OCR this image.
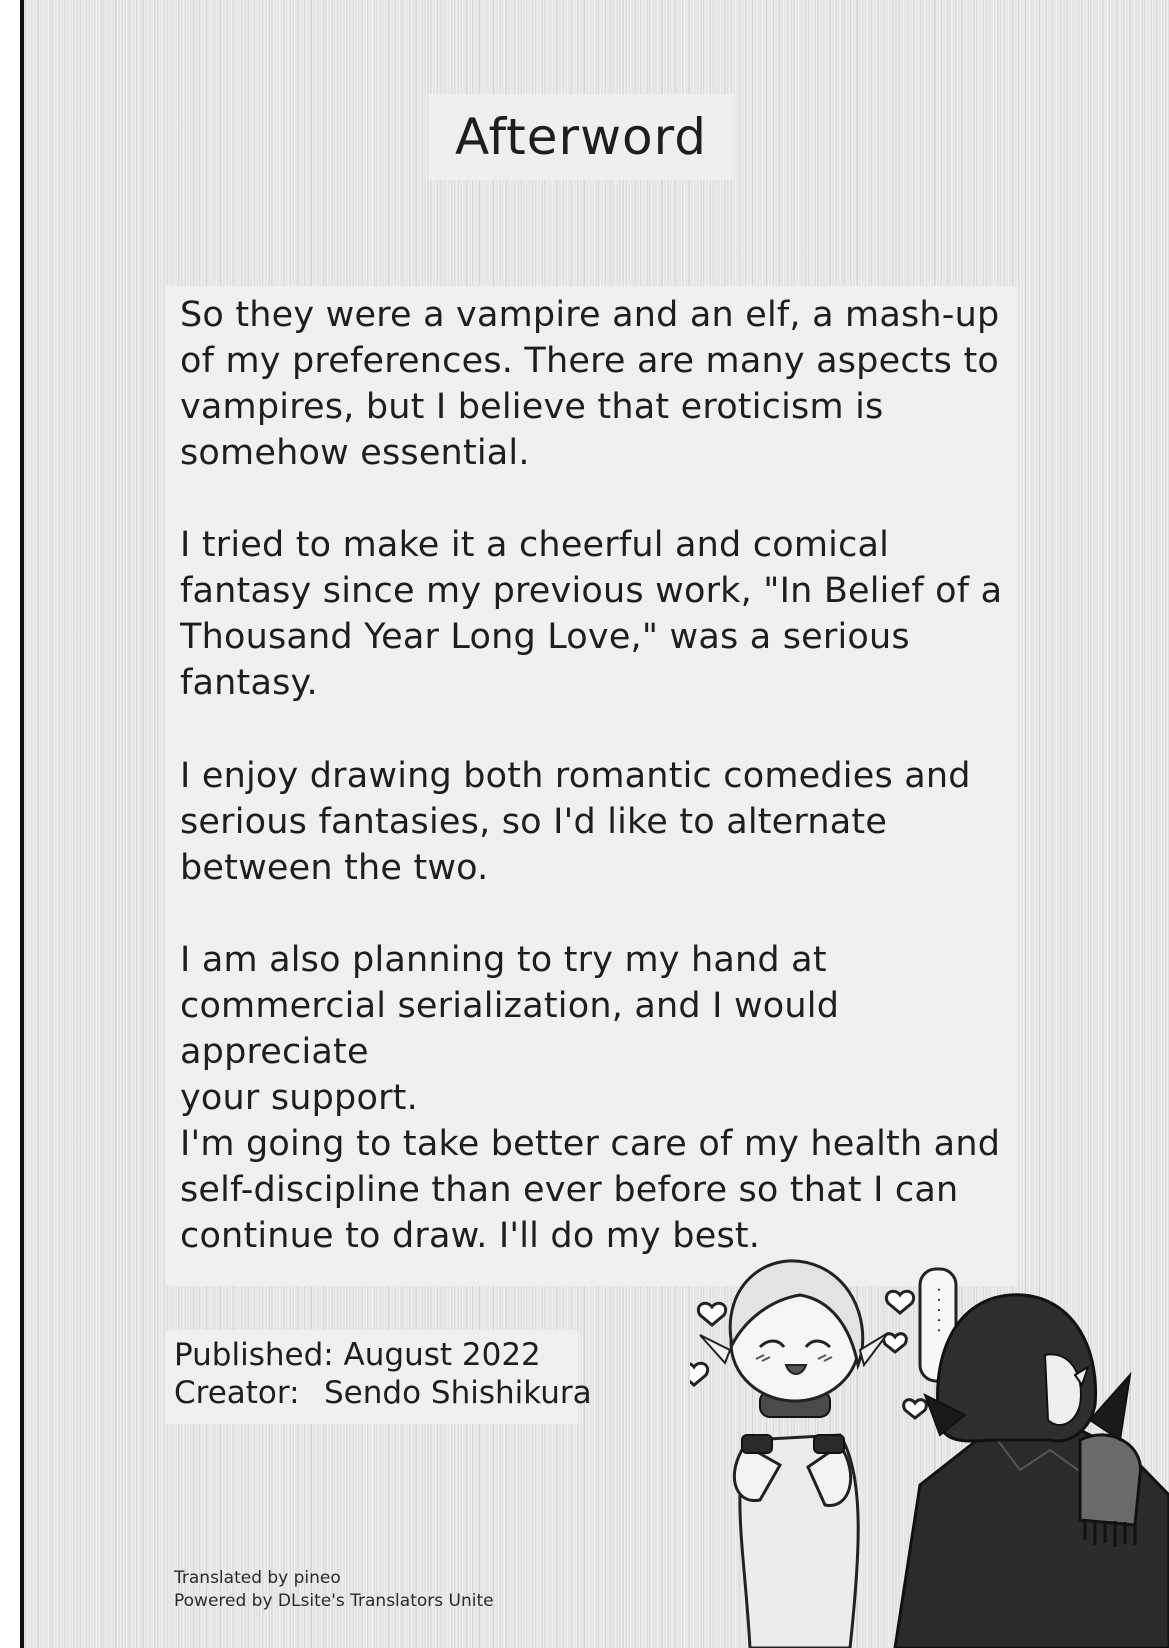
Afterword

So they were a vampire and an elf, a mash-up
of my preferences. There are many aspects to
vampires, but I believe that eroticism is
somehow essential.

I tried to make it a cheerful and comical
fantasy since my previous work, "In Belief of a
Thousand Year Long Love," was a serious
fantasy.

I enjoy drawing both romantic comedies and
serious fantasies, so I'd like to alternate
between the two.

I am also planning to try my hand at
commercial serialization, and I would appreciate
your support.

I'm going to take better care of my health and
self-discipline than ever before so that I can
continue to draw. I'll do my best.

Published: August 2022
Creator: Sendo Shishikura
Translated by pineo
Powered by DLsite's Translators Unite
. . . . .
